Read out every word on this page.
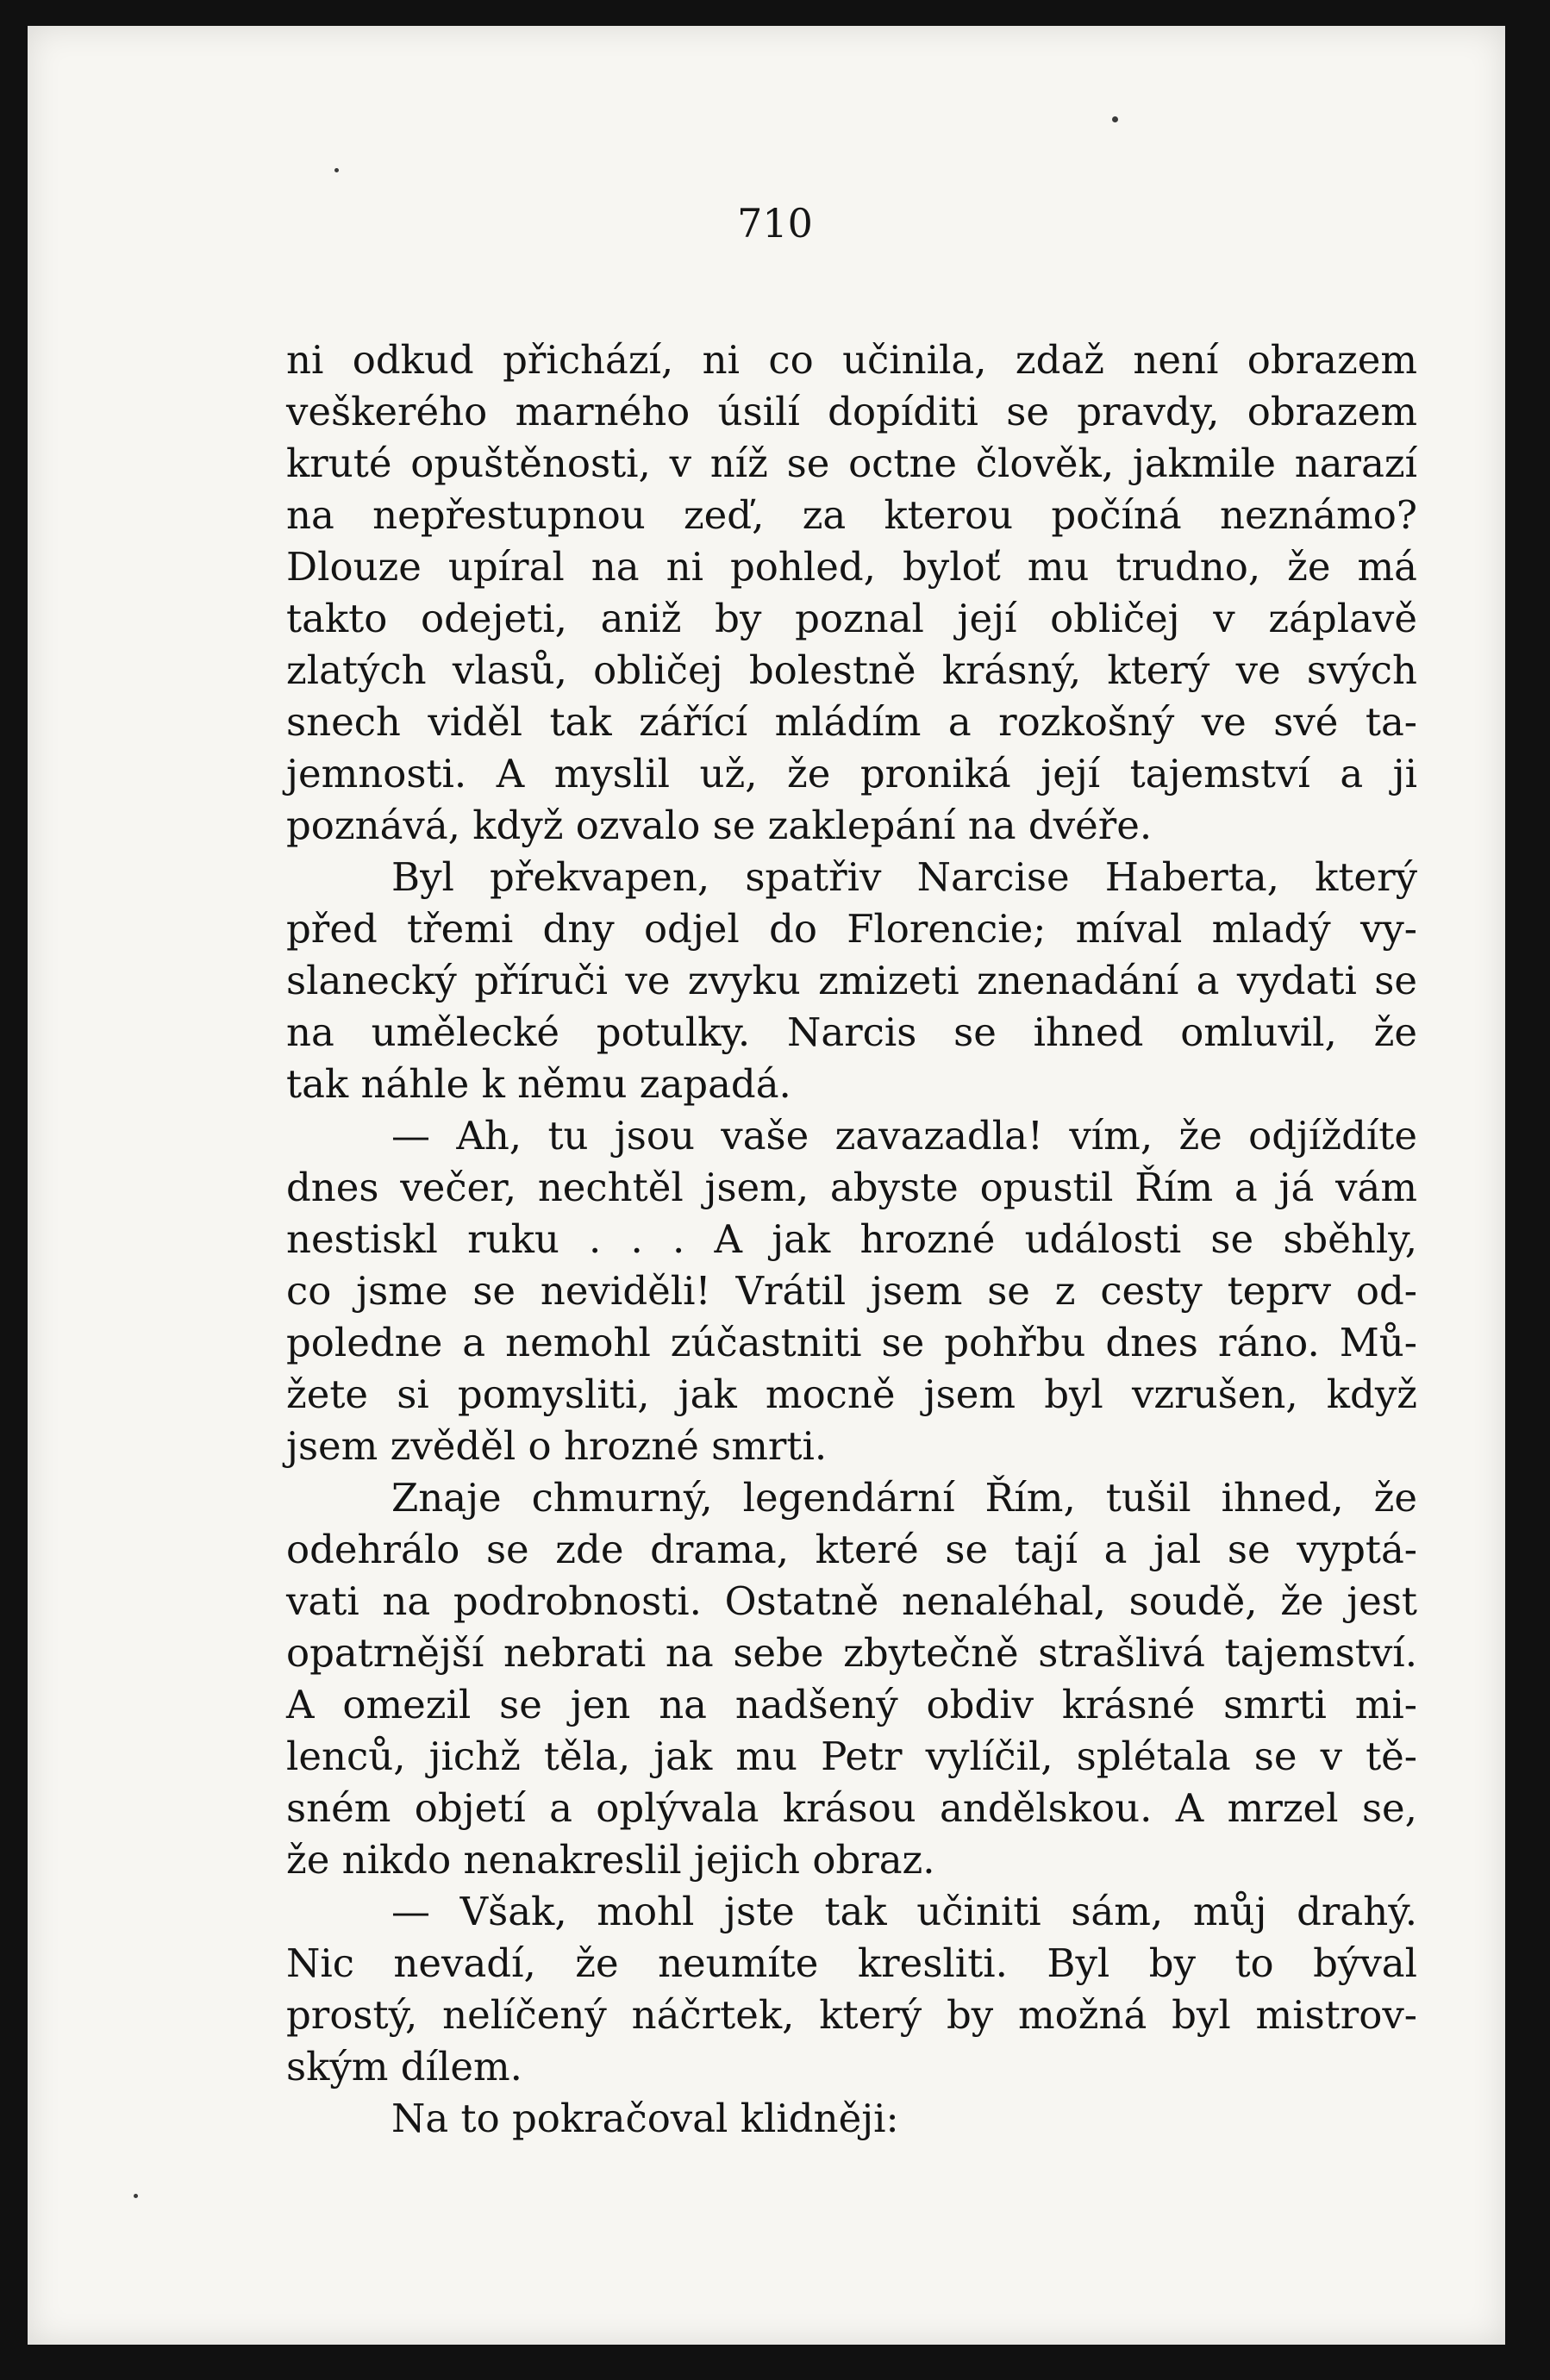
710
ni odkud přichází, ni co učinila, zdaž není obrazem
veškerého marného úsilí dopíditi se pravdy, obrazem
kruté opuštěnosti, v níž se octne člověk, jakmile narazí
na nepřestupnou zeď, za kterou počíná neznámo?
Dlouze upíral na ni pohled, byloť mu trudno, že má
takto odejeti, aniž by poznal její obličej v záplavě
zlatých vlasů, obličej bolestně krásný, který ve svých
snech viděl tak zářící mládím a rozkošný ve své ta-
jemnosti. A myslil už, že proniká její tajemství a ji
poznává, když ozvalo se zaklepání na dvéře.
Byl překvapen, spatřiv Narcise Haberta, který
před třemi dny odjel do Florencie; míval mladý vy-
slanecký příruči ve zvyku zmizeti znenadání a vydati se
na umělecké potulky. Narcis se ihned omluvil, že
tak náhle k němu zapadá.
— Ah, tu jsou vaše zavazadla! vím, že odjíždíte
dnes večer, nechtěl jsem, abyste opustil Řím a já vám
nestiskl ruku . . . A jak hrozné události se sběhly,
co jsme se neviděli! Vrátil jsem se z cesty teprv od-
poledne a nemohl zúčastniti se pohřbu dnes ráno. Mů-
žete si pomysliti, jak mocně jsem byl vzrušen, když
jsem zvěděl o hrozné smrti.
Znaje chmurný, legendární Řím, tušil ihned, že
odehrálo se zde drama, které se tají a jal se vyptá-
vati na podrobnosti. Ostatně nenaléhal, soudě, že jest
opatrnější nebrati na sebe zbytečně strašlivá tajemství.
A omezil se jen na nadšený obdiv krásné smrti mi-
lenců, jichž těla, jak mu Petr vylíčil, splétala se v tě-
sném objetí a oplývala krásou andělskou. A mrzel se,
že nikdo nenakreslil jejich obraz.
— Však, mohl jste tak učiniti sám, můj drahý.
Nic nevadí, že neumíte kresliti. Byl by to býval
prostý, nelíčený náčrtek, který by možná byl mistrov-
ským dílem.
Na to pokračoval klidněji:
